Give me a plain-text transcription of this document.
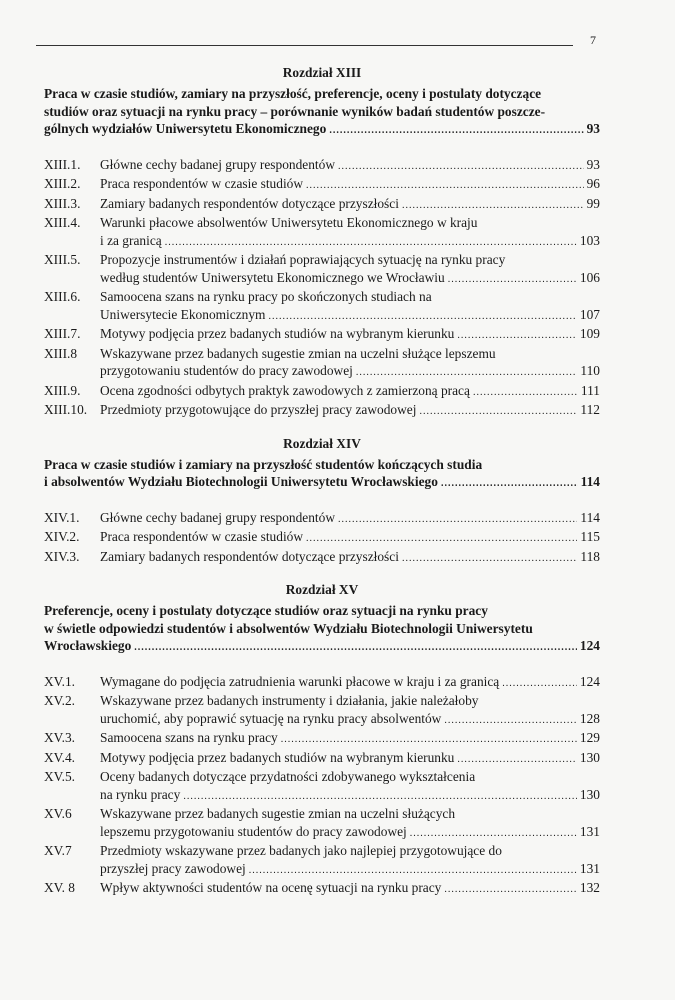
7
Rozdział XIII
Praca w czasie studiów, zamiary na przyszłość, preferencje, oceny i postulaty dotyczące
studiów oraz sytuacji na rynku pracy – porównanie wyników badań studentów poszcze-
gólnych wydziałów Uniwersytetu Ekonomicznego .....	93
XIII.1.	Główne cechy badanej grupy respondentów .....	93
XIII.2.	Praca respondentów w czasie studiów .....	96
XIII.3.	Zamiary badanych respondentów dotyczące przyszłości .....	99
XIII.4.	Warunki płacowe absolwentów Uniwersytetu Ekonomicznego w kraju
i za granicą .....	103
XIII.5.	Propozycje instrumentów i działań poprawiających sytuację na rynku pracy
według studentów Uniwersytetu Ekonomicznego we Wrocławiu .....	106
XIII.6.	Samoocena szans na rynku pracy po skończonych studiach na
Uniwersytecie Ekonomicznym .....	107
XIII.7.	Motywy podjęcia przez badanych studiów na wybranym kierunku .....	109
XIII.8	Wskazywane przez badanych sugestie zmian na uczelni służące lepszemu
przygotowaniu studentów do pracy zawodowej .....	110
XIII.9.	Ocena zgodności odbytych praktyk zawodowych z zamierzoną pracą .....	111
XIII.10. Przedmioty przygotowujące do przyszłej pracy zawodowej .....	112
Rozdział XIV
Praca w czasie studiów i zamiary na przyszłość studentów kończących studia
i absolwentów Wydziału Biotechnologii Uniwersytetu Wrocławskiego .....	114
XIV.1.	Główne cechy badanej grupy respondentów .....	114
XIV.2.	Praca respondentów w czasie studiów .....	115
XIV.3.	Zamiary badanych respondentów dotyczące przyszłości .....	118
Rozdział XV
Preferencje, oceny i postulaty dotyczące studiów oraz sytuacji na rynku pracy
w świetle odpowiedzi studentów i absolwentów Wydziału Biotechnologii Uniwersytetu
Wrocławskiego .....	124
XV.1.	Wymagane do podjęcia zatrudnienia warunki płacowe w kraju i za granicą .....	124
XV.2.	Wskazywane przez badanych instrumenty i działania, jakie należałoby
uruchomić, aby poprawić sytuację na rynku pracy absolwentów .....	128
XV.3.	Samoocena szans na rynku pracy .....	129
XV.4.	Motywy podjęcia przez badanych studiów na wybranym kierunku .....	130
XV.5.	Oceny badanych dotyczące przydatności zdobywanego wykształcenia
na rynku pracy .....	130
XV.6	Wskazywane przez badanych sugestie zmian na uczelni służących
lepszemu przygotowaniu studentów do pracy zawodowej .....	131
XV.7	Przedmioty wskazywane przez badanych jako najlepiej przygotowujące do
przyszłej pracy zawodowej .....	131
XV. 8	Wpływ aktywności studentów na ocenę sytuacji na rynku pracy .....	132
